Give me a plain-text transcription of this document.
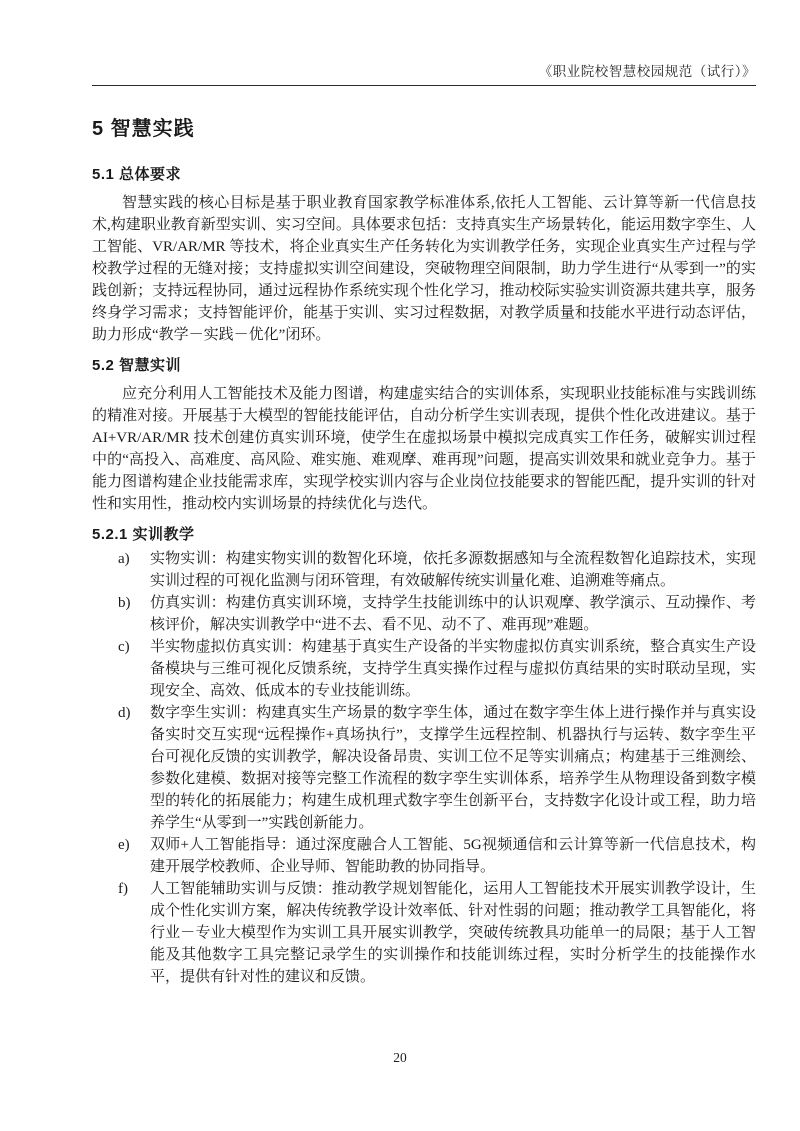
《职业院校智慧校园规范（试行）》
5 智慧实践
5.1 总体要求

智慧实践的核心目标是基于职业教育国家教学标准体系,依托人工智能、云计算等新一代信息技术,构建职业教育新型实训、实习空间。具体要求包括：支持真实生产场景转化，能运用数字孪生、人工智能、VR/AR/MR 等技术，将企业真实生产任务转化为实训教学任务，实现企业真实生产过程与学校教学过程的无缝对接；支持虚拟实训空间建设，突破物理空间限制，助力学生进行“从零到一”的实践创新；支持远程协同，通过远程协作系统实现个性化学习，推动校际实验实训资源共建共享，服务终身学习需求；支持智能评价，能基于实训、实习过程数据，对教学质量和技能水平进行动态评估，助力形成“教学－实践－优化”闭环。

5.2 智慧实训

应充分利用人工智能技术及能力图谱，构建虚实结合的实训体系，实现职业技能标准与实践训练的精准对接。开展基于大模型的智能技能评估，自动分析学生实训表现，提供个性化改进建议。基于AI+VR/AR/MR 技术创建仿真实训环境，使学生在虚拟场景中模拟完成真实工作任务，破解实训过程中的“高投入、高难度、高风险、难实施、难观摩、难再现”问题，提高实训效果和就业竞争力。基于能力图谱构建企业技能需求库，实现学校实训内容与企业岗位技能要求的智能匹配，提升实训的针对性和实用性，推动校内实训场景的持续优化与迭代。

5.2.1 实训教学
a)	实物实训：构建实物实训的数智化环境，依托多源数据感知与全流程数智化追踪技术，实现实训过程的可视化监测与闭环管理，有效破解传统实训量化难、追溯难等痛点。
b)	仿真实训：构建仿真实训环境，支持学生技能训练中的认识观摩、教学演示、互动操作、考核评价，解决实训教学中“进不去、看不见、动不了、难再现”难题。
c)	半实物虚拟仿真实训：构建基于真实生产设备的半实物虚拟仿真实训系统，整合真实生产设备模块与三维可视化反馈系统，支持学生真实操作过程与虚拟仿真结果的实时联动呈现，实现安全、高效、低成本的专业技能训练。
d)	数字孪生实训：构建真实生产场景的数字孪生体，通过在数字孪生体上进行操作并与真实设备实时交互实现“远程操作+真场执行”，支撑学生远程控制、机器执行与运转、数字孪生平台可视化反馈的实训教学，解决设备昂贵、实训工位不足等实训痛点；构建基于三维测绘、参数化建模、数据对接等完整工作流程的数字孪生实训体系，培养学生从物理设备到数字模型的转化的拓展能力；构建生成机理式数字孪生创新平台，支持数字化设计或工程，助力培养学生“从零到一”实践创新能力。
e)	双师+人工智能指导：通过深度融合人工智能、5G视频通信和云计算等新一代信息技术，构建开展学校教师、企业导师、智能助教的协同指导。
f)	人工智能辅助实训与反馈：推动教学规划智能化，运用人工智能技术开展实训教学设计，生成个性化实训方案，解决传统教学设计效率低、针对性弱的问题；推动教学工具智能化，将行业－专业大模型作为实训工具开展实训教学，突破传统教具功能单一的局限；基于人工智能及其他数字工具完整记录学生的实训操作和技能训练过程，实时分析学生的技能操作水平，提供有针对性的建议和反馈。
20
